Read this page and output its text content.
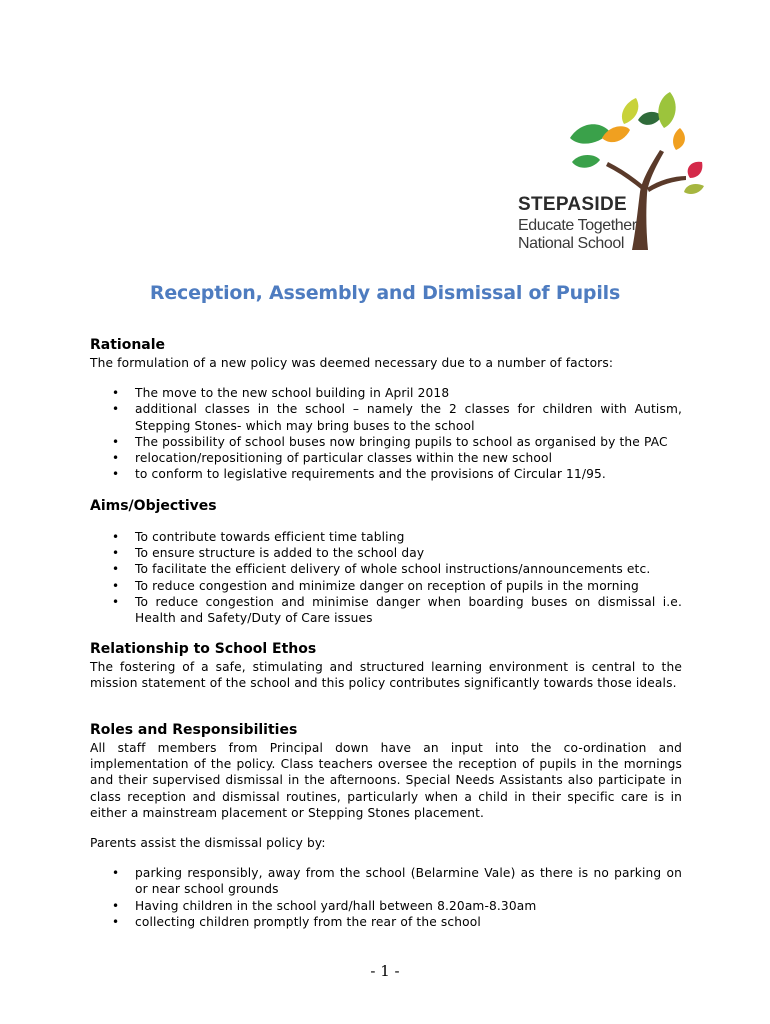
STEPASIDE
Educate Together
National School
Reception, Assembly and Dismissal of Pupils
Rationale

The formulation of a new policy was deemed necessary due to a number of factors:

• The move to the new school building in April 2018
• additional classes in the school – namely the 2 classes for children with Autism, Stepping Stones- which may bring buses to the school
• The possibility of school buses now bringing pupils to school as organised by the PAC
• relocation/repositioning of particular classes within the new school
• to conform to legislative requirements and the provisions of Circular 11/95.
Aims/Objectives
• To contribute towards efficient time tabling
• To ensure structure is added to the school day
• To facilitate the efficient delivery of whole school instructions/announcements etc.
• To reduce congestion and minimize danger on reception of pupils in the morning
• To reduce congestion and minimise danger when boarding buses on dismissal i.e. Health and Safety/Duty of Care issues
Relationship to School Ethos

The fostering of a safe, stimulating and structured learning environment is central to the mission statement of the school and this policy contributes significantly towards those ideals.

Roles and Responsibilities

All staff members from Principal down have an input into the co-ordination and implementation of the policy. Class teachers oversee the reception of pupils in the mornings and their supervised dismissal in the afternoons. Special Needs Assistants also participate in class reception and dismissal routines, particularly when a child in their specific care is in either a mainstream placement or Stepping Stones placement.

Parents assist the dismissal policy by:

• parking responsibly, away from the school (Belarmine Vale) as there is no parking on or near school grounds
• Having children in the school yard/hall between 8.20am-8.30am
• collecting children promptly from the rear of the school
- 1 -
